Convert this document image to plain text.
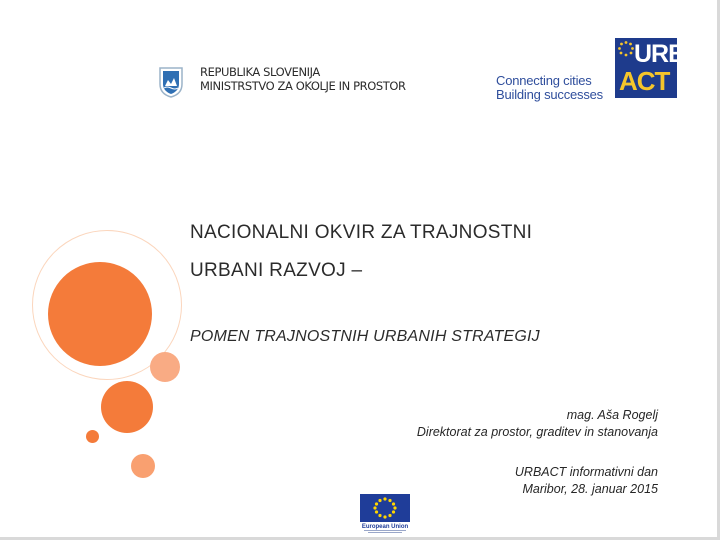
REPUBLIKA SLOVENIJA
MINISTRSTVO ZA OKOLJE IN PROSTOR	Connecting cities
Building successes
URB
ACT
NACIONALNI OKVIR ZA TRAJNOSTNI
URBANI RAZVOJ –
POMEN TRAJNOSTNIH URBANIH STRATEGIJ
mag. Aša Rogelj
Direktorat za prostor, graditev in stanovanja
URBACT informativni dan
Maribor, 28. januar 2015
European Union
